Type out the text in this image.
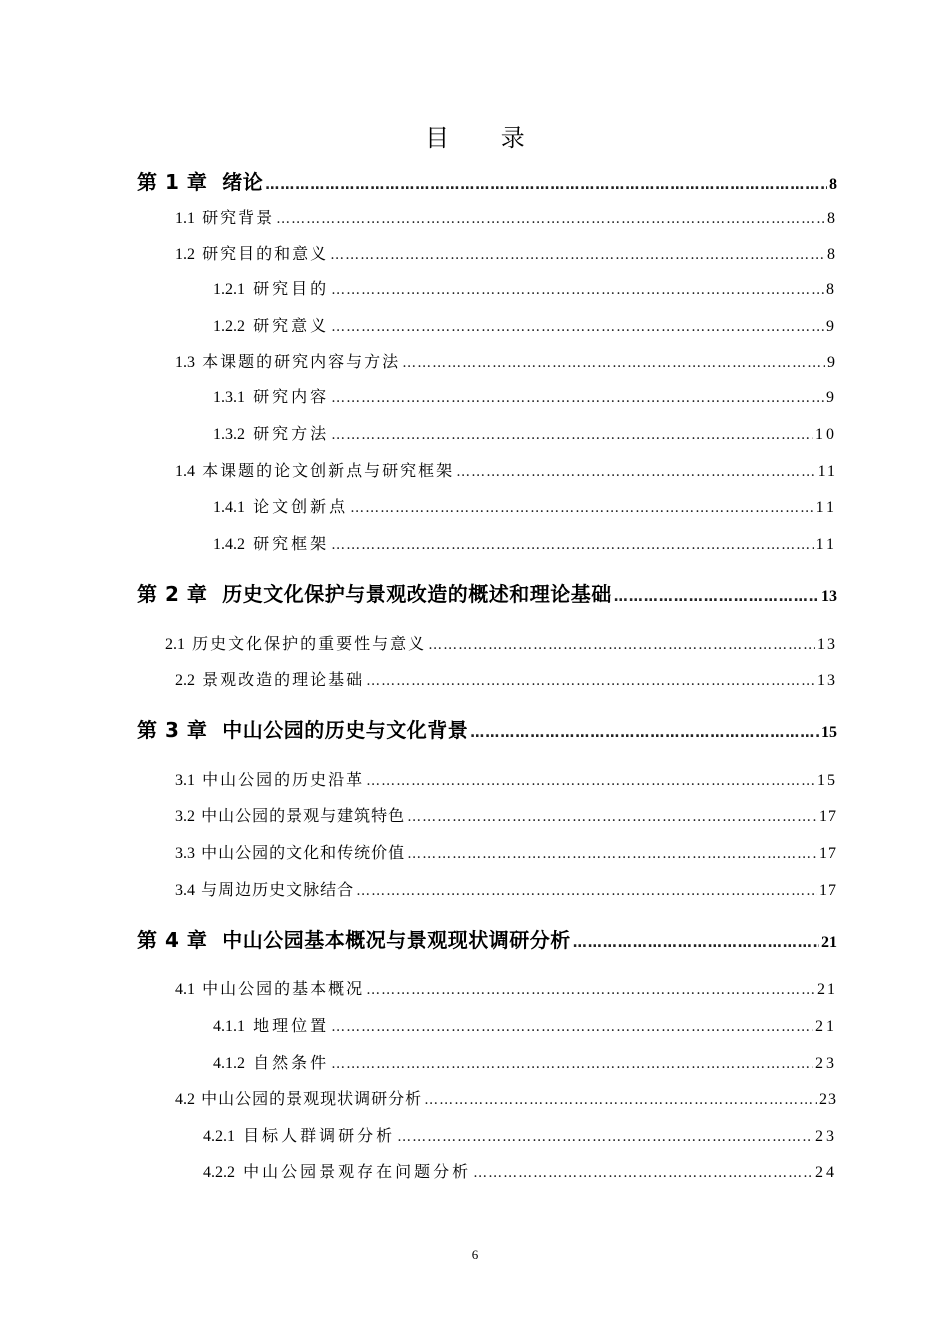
目 录
第 1 章 绪论 …………………………………………………………………………………………………………………………………………………………………………………………	8
1.1 研究背景 …………………………………………………………………………………………………………………………………………………………………………………………	8
1.2 研究目的和意义 …………………………………………………………………………………………………………………………………………………………………………………………	8
1.2.1 研究目的 …………………………………………………………………………………………………………………………………………………………………………………………	8
1.2.2 研究意义 …………………………………………………………………………………………………………………………………………………………………………………………	9
1.3 本课题的研究内容与方法 …………………………………………………………………………………………………………………………………………………………………………………………	9
1.3.1 研究内容 …………………………………………………………………………………………………………………………………………………………………………………………	9
1.3.2 研究方法 …………………………………………………………………………………………………………………………………………………………………………………………	10
1.4 本课题的论文创新点与研究框架 …………………………………………………………………………………………………………………………………………………………………………………………	11
1.4.1 论文创新点 …………………………………………………………………………………………………………………………………………………………………………………………	11
1.4.2 研究框架 …………………………………………………………………………………………………………………………………………………………………………………………	11
第 2 章 历史文化保护与景观改造的概述和理论基础 …………………………………………………………………………………………………………………………………………………………………………………………	13
2.1 历史文化保护的重要性与意义 …………………………………………………………………………………………………………………………………………………………………………………………	13
2.2 景观改造的理论基础 …………………………………………………………………………………………………………………………………………………………………………………………	13
第 3 章 中山公园的历史与文化背景 …………………………………………………………………………………………………………………………………………………………………………………………	15
3.1 中山公园的历史沿革 …………………………………………………………………………………………………………………………………………………………………………………………	15
3.2 中山公园的景观与建筑特色 …………………………………………………………………………………………………………………………………………………………………………………………	17
3.3 中山公园的文化和传统价值 …………………………………………………………………………………………………………………………………………………………………………………………	17
3.4 与周边历史文脉结合 …………………………………………………………………………………………………………………………………………………………………………………………	17
第 4 章 中山公园基本概况与景观现状调研分析 …………………………………………………………………………………………………………………………………………………………………………………………	21
4.1 中山公园的基本概况 …………………………………………………………………………………………………………………………………………………………………………………………	21
4.1.1 地理位置 …………………………………………………………………………………………………………………………………………………………………………………………	21
4.1.2 自然条件 …………………………………………………………………………………………………………………………………………………………………………………………	23
4.2 中山公园的景观现状调研分析 …………………………………………………………………………………………………………………………………………………………………………………………	23
4.2.1 目标人群调研分析 …………………………………………………………………………………………………………………………………………………………………………………………	23
4.2.2 中山公园景观存在问题分析 …………………………………………………………………………………………………………………………………………………………………………………………	24
6
